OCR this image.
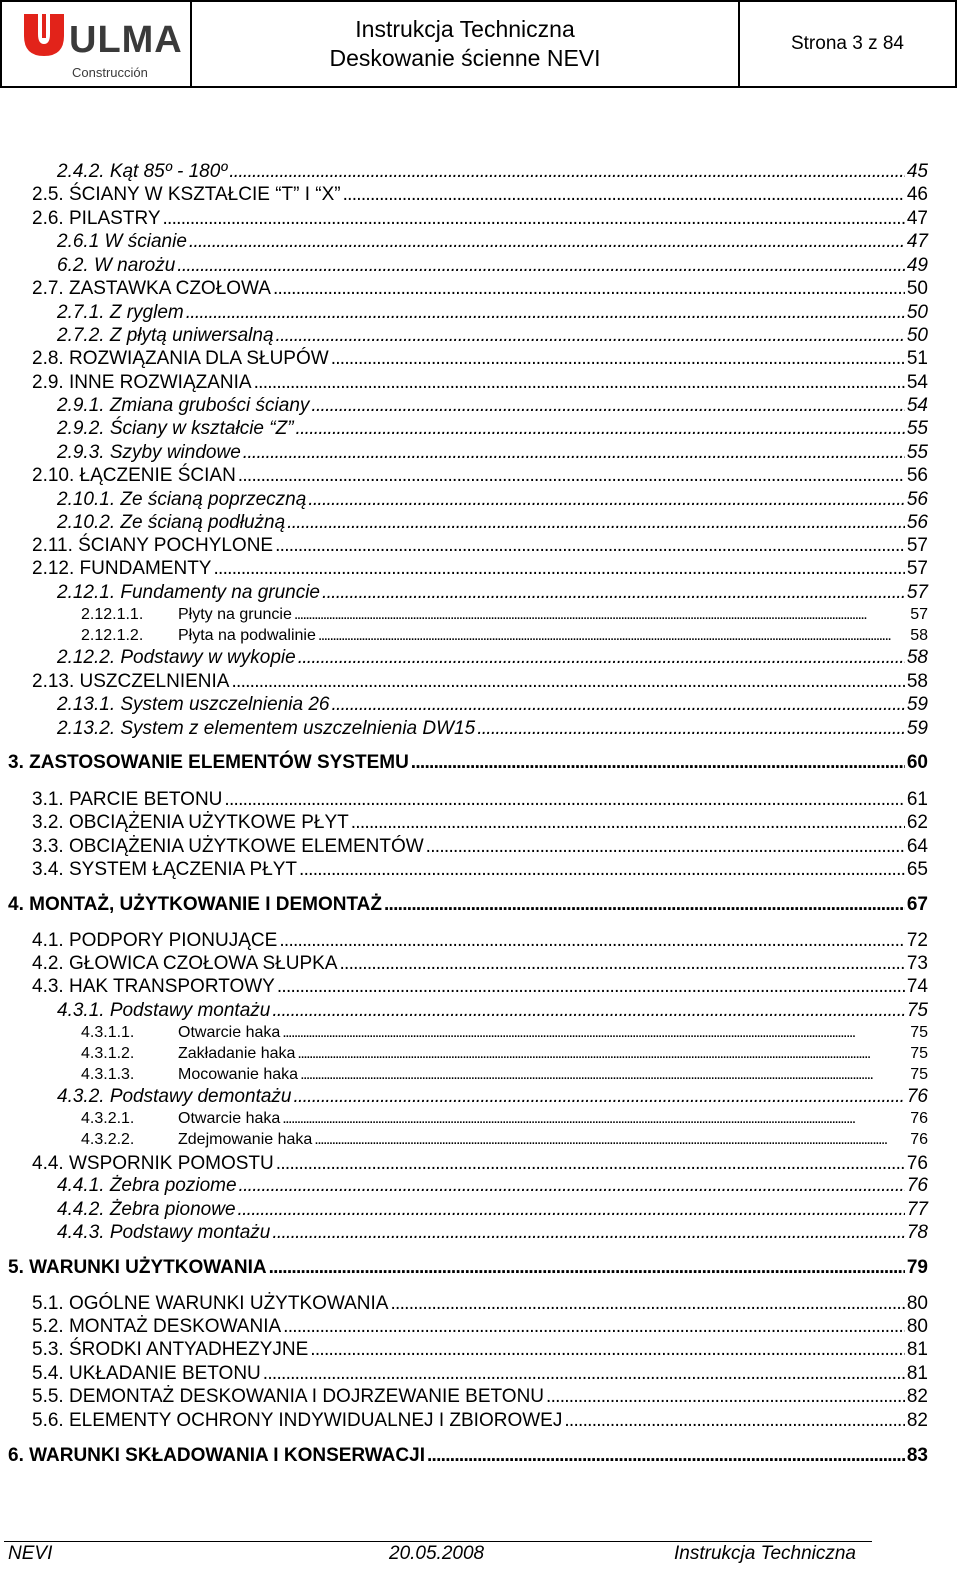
ULMA
Construcción
Instrukcja Techniczna
Deskowanie ścienne NEVI
Strona 3 z 84
2.4.2. Kąt 85º - 180º . . .	45
2.5. ŚCIANY W KSZTAŁCIE “T” I “X” . . .	46
2.6. PILASTRY . . .	47
2.6.1 W ścianie . . .	47
6.2. W narożu . . .	49
2.7. ZASTAWKA CZOŁOWA . . .	50
2.7.1. Z ryglem . . .	50
2.7.2. Z płytą uniwersalną . . .	50
2.8. ROZWIĄZANIA DLA SŁUPÓW . . .	51
2.9. INNE ROZWIĄZANIA . . .	54
2.9.1. Zmiana grubości ściany . . .	54
2.9.2. Ściany w kształcie “Z” . . .	55
2.9.3. Szyby windowe . . .	55
2.10. ŁĄCZENIE ŚCIAN . . .	56
2.10.1. Ze ścianą poprzeczną . . .	56
2.10.2. Ze ścianą podłużną . . .	56
2.11. ŚCIANY POCHYLONE . . .	57
2.12. FUNDAMENTY . . .	57
2.12.1. Fundamenty na gruncie . . .	57
2.12.1.1. Płyty na gruncie . . .	57
2.12.1.2. Płyta na podwalinie . . .	58
2.12.2. Podstawy w wykopie . . .	58
2.13. USZCZELNIENIA . . .	58
2.13.1. System uszczelnienia 26 . . .	59
2.13.2. System z elementem uszczelnienia DW15 . . .	59
3. ZASTOSOWANIE ELEMENTÓW SYSTEMU . . .	60
3.1. PARCIE BETONU . . .	61
3.2. OBCIĄŻENIA UŻYTKOWE PŁYT . . .	62
3.3. OBCIĄŻENIA UŻYTKOWE ELEMENTÓW . . .	64
3.4. SYSTEM ŁĄCZENIA PŁYT . . .	65
4. MONTAŻ, UŻYTKOWANIE I DEMONTAŻ . . .	67
4.1. PODPORY PIONUJĄCE . . .	72
4.2. GŁOWICA CZOŁOWA SŁUPKA . . .	73
4.3. HAK TRANSPORTOWY . . .	74
4.3.1. Podstawy montażu . . .	75
4.3.1.1.	Otwarcie haka . . .	75
4.3.1.2.	Zakładanie haka . . .	75
4.3.1.3.	Mocowanie haka . . .	75
4.3.2. Podstawy demontażu . . .	76
4.3.2.1.	Otwarcie haka . . .	76
4.3.2.2.	Zdejmowanie haka . . .	76
4.4. WSPORNIK POMOSTU . . .	76
4.4.1. Żebra poziome . . .	76
4.4.2. Żebra pionowe . . .	77
4.4.3. Podstawy montażu . . .	78
5. WARUNKI UŻYTKOWANIA . . .	79
5.1. OGÓLNE WARUNKI UŻYTKOWANIA . . .	80
5.2. MONTAŻ DESKOWANIA . . .	80
5.3. ŚRODKI ANTYADHEZYJNE . . .	81
5.4. UKŁADANIE BETONU . . .	81
5.5. DEMONTAŻ DESKOWANIA I DOJRZEWANIE BETONU . . .	82
5.6. ELEMENTY OCHRONY INDYWIDUALNEJ I ZBIOROWEJ . . .	82
6. WARUNKI SKŁADOWANIA I KONSERWACJI . . .	83
NEVI	20.05.2008	Instrukcja Techniczna
